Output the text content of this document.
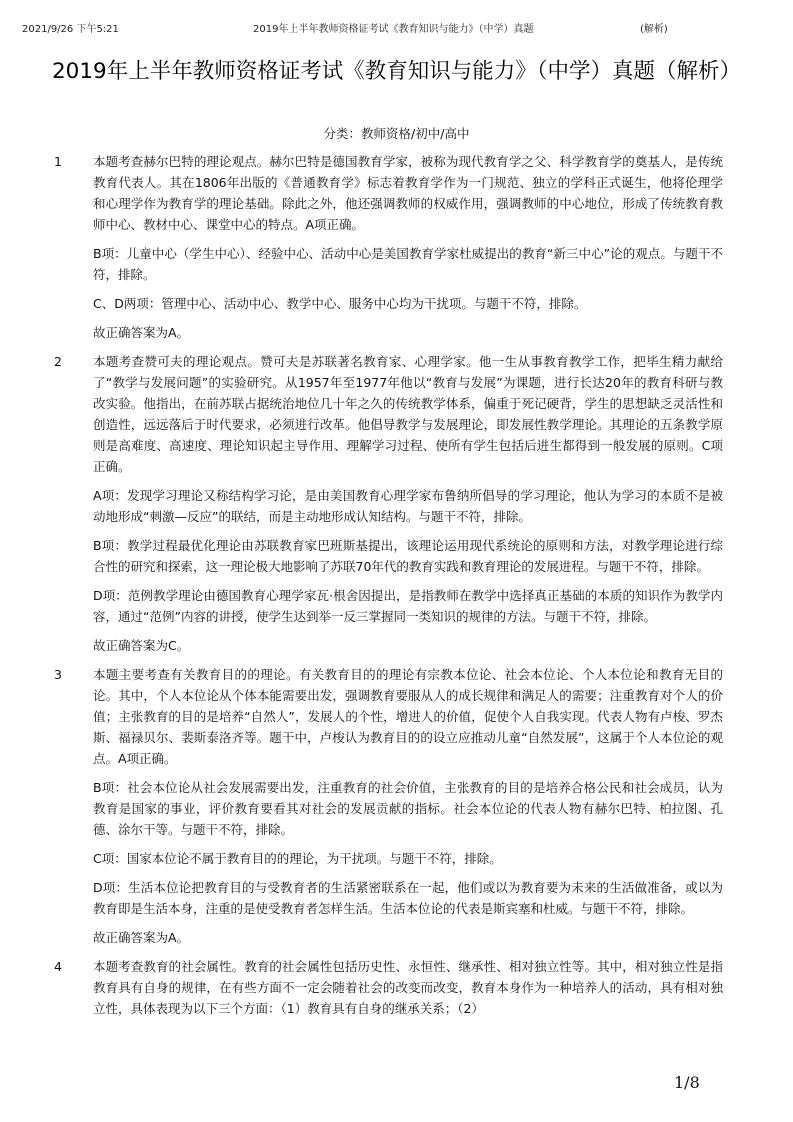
2021/9/26 下午5:21	2019年上半年教师资格证考试《教育知识与能力》（中学）真题	(解析)
2019年上半年教师资格证考试《教育知识与能力》（中学）真题（解析）
分类：教师资格/初中/高中
1 本题考查赫尔巴特的理论观点。赫尔巴特是德国教育学家，被称为现代教育学之父、科学教育学的奠基人，是传统教育代表人。其在1806年出版的《普通教育学》标志着教育学作为一门规范、独立的学科正式诞生，他将伦理学和心理学作为教育学的理论基础。除此之外，他还强调教师的权威作用，强调教师的中心地位，形成了传统教育教师中心、教材中心、课堂中心的特点。A项正确。

B项：儿童中心（学生中心）、经验中心、活动中心是美国教育学家杜威提出的教育“新三中心”论的观点。与题干不符，排除。

C、D两项：管理中心、活动中心、教学中心、服务中心均为干扰项。与题干不符，排除。

故正确答案为A。

2 本题考查赞可夫的理论观点。赞可夫是苏联著名教育家、心理学家。他一生从事教育教学工作，把毕生精力献给了“教学与发展问题”的实验研究。从1957年至1977年他以“教育与发展”为课题，进行长达20年的教育科研与教改实验。他指出，在前苏联占据统治地位几十年之久的传统教学体系，偏重于死记硬背，学生的思想缺乏灵活性和创造性，远远落后于时代要求，必须进行改革。他倡导教学与发展理论，即发展性教学理论。其理论的五条教学原则是高难度、高速度、理论知识起主导作用、理解学习过程、使所有学生包括后进生都得到一般发展的原则。C项正确。

A项：发现学习理论又称结构学习论，是由美国教育心理学家布鲁纳所倡导的学习理论，他认为学习的本质不是被动地形成“刺激—反应”的联结，而是主动地形成认知结构。与题干不符，排除。

B项：教学过程最优化理论由苏联教育家巴班斯基提出，该理论运用现代系统论的原则和方法，对教学理论进行综合性的研究和探索，这一理论极大地影响了苏联70年代的教育实践和教育理论的发展进程。与题干不符，排除。

D项：范例教学理论由德国教育心理学家瓦·根舍因提出，是指教师在教学中选择真正基础的本质的知识作为教学内容，通过“范例”内容的讲授，使学生达到举一反三掌握同一类知识的规律的方法。与题干不符，排除。

故正确答案为C。

3 本题主要考查有关教育目的的理论。有关教育目的的理论有宗教本位论、社会本位论、个人本位论和教育无目的论。其中，个人本位论从个体本能需要出发，强调教育要服从人的成长规律和满足人的需要；注重教育对个人的价值；主张教育的目的是培养“自然人”，发展人的个性，增进人的价值，促使个人自我实现。代表人物有卢梭、罗杰斯、福禄贝尔、裴斯泰洛齐等。题干中，卢梭认为教育目的的设立应推动儿童“自然发展”，这属于个人本位论的观点。A项正确。

B项：社会本位论从社会发展需要出发，注重教育的社会价值，主张教育的目的是培养合格公民和社会成员，认为教育是国家的事业，评价教育要看其对社会的发展贡献的指标。社会本位论的代表人物有赫尔巴特、柏拉图、孔德、涂尔干等。与题干不符，排除。

C项：国家本位论不属于教育目的的理论，为干扰项。与题干不符，排除。

D项：生活本位论把教育目的与受教育者的生活紧密联系在一起，他们或以为教育要为未来的生活做准备，或以为教育即是生活本身，注重的是使受教育者怎样生活。生活本位论的代表是斯宾塞和杜威。与题干不符，排除。

故正确答案为A。

4 本题考查教育的社会属性。教育的社会属性包括历史性、永恒性、继承性、相对独立性等。其中，相对独立性是指教育具有自身的规律，在有些方面不一定会随着社会的改变而改变，教育本身作为一种培养人的活动，具有相对独立性，具体表现为以下三个方面：（1）教育具有自身的继承关系；（2）

1/8
